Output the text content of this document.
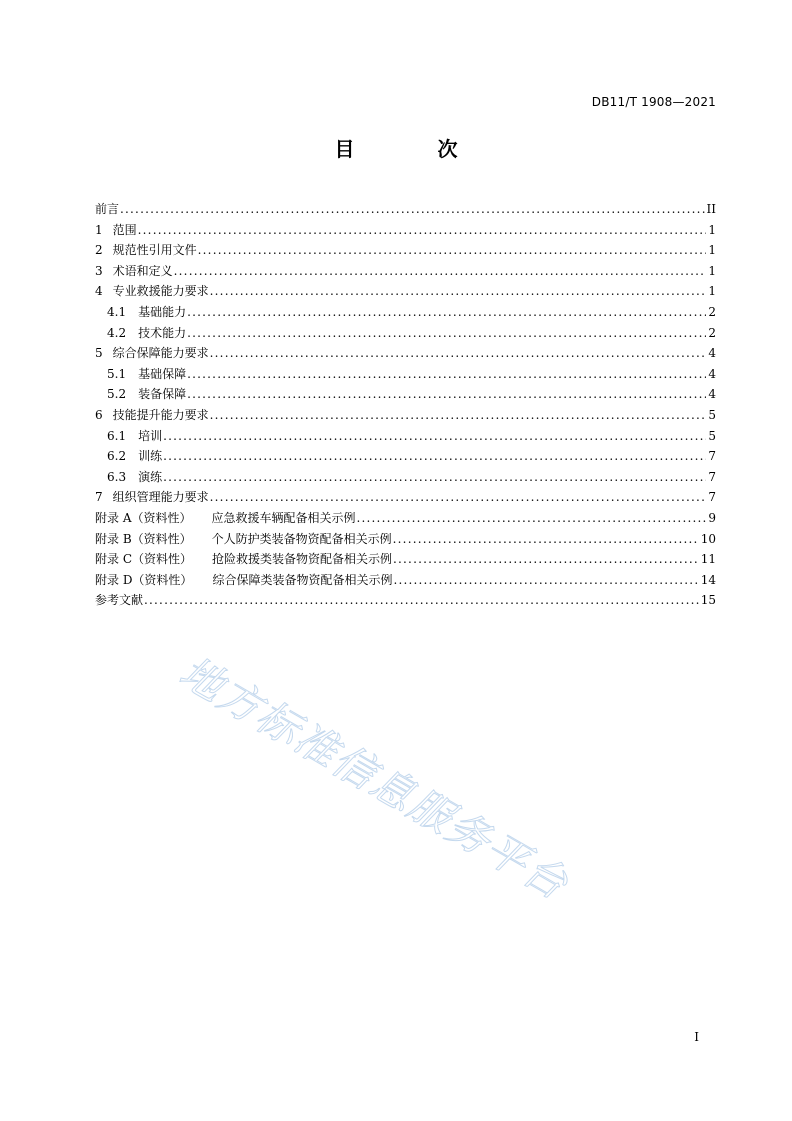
DB11/T 1908—2021
目 次
前言 .....	II
1 范围 .....	1
2 规范性引用文件 .....	1
3 术语和定义 .....	1
4 专业救援能力要求 .....	1
4.1 基础能力 .....	2
4.2 技术能力 .....	2
5 综合保障能力要求 .....	4
5.1 基础保障 .....	4
5.2 装备保障 .....	4
6 技能提升能力要求 .....	5
6.1 培训 .....	5
6.2 训练 .....	7
6.3 演练 .....	7
7 组织管理能力要求 .....	7
附录 A（资料性） 应急救援车辆配备相关示例 .....	9
附录 B（资料性） 个人防护类装备物资配备相关示例 .....	10
附录 C（资料性） 抢险救援类装备物资配备相关示例 .....	11
附录 D（资料性） 综合保障类装备物资配备相关示例 .....	14
参考文献 .....	15
地方标准信息服务平台
I
